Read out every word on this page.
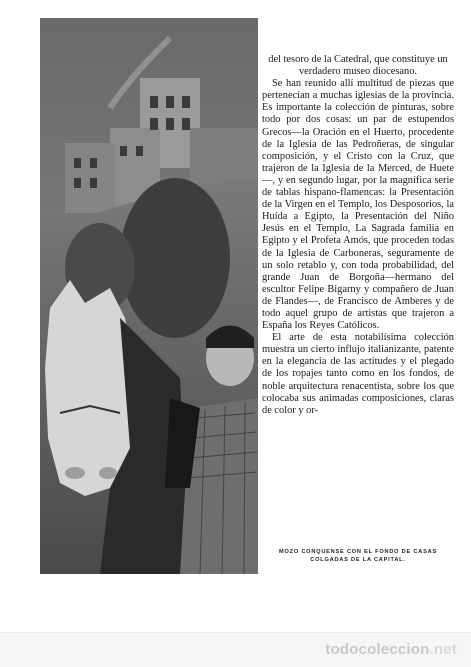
del tesoro de la Catedral, que constituye un verdadero museo diocesano.

Se han reunido allí multitud de piezas que pertenecían a muchas iglesias de la provincia. Es importante la colección de pinturas, sobre todo por dos cosas: un par de estupendos Grecos—la Oración en el Huerto, procedente de la Iglesia de las Pedroñeras, de singular composición, y el Cristo con la Cruz, que trajeron de la Iglesia de la Merced, de Huete—, y en segundo lugar, por la magnífica serie de tablas hispano-flamencas: la Presentación de la Virgen en el Templo, los Desposorios, la Huída a Egipto, la Presentación del Niño Jesús en el Templo, La Sagrada familia en Egipto y el Profeta Amós, que proceden todas de la Iglesia de Carboneras, seguramente de un solo retablo y, con toda probabilidad, del grande Juan de Borgoña—hermano del escultor Felipe Bigarny y compañero de Juan de Flandes—, de Francisco de Amberes y de todo aquel grupo de artistas que trajeron a España los Reyes Católicos.

El arte de esta notabilísima colección muestra un cierto influjo italianizante, patente en la elegancia de las actitudes y el plegado de los ropajes tanto como en los fondos, de noble arquitectura renacentista, sobre los que colocaba sus animadas composiciones, claras de color y or-

MOZO CONQUENSE CON EL FONDO DE CASAS
COLGADAS DE LA CAPITAL.
todocoleccion.net
